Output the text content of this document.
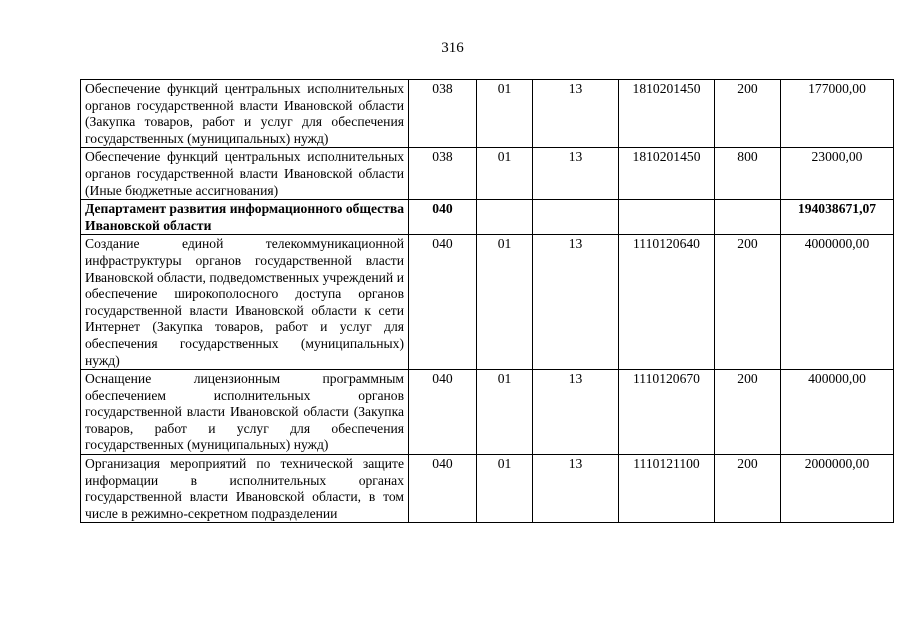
316
Обеспечение функций центральных исполнительных органов государственной власти Ивановской области (Закупка товаров, работ и услуг для обеспечения государственных (муниципальных) нужд)	038	01	13	1810201450	200	177000,00
Обеспечение функций центральных исполнительных органов государственной власти Ивановской области (Иные бюджетные ассигнования)	038	01	13	1810201450	800	23000,00
Департамент развития информационного общества Ивановской области	040					194038671,07
Создание единой телекоммуникационной инфраструктуры органов государственной власти Ивановской области, подведомственных учреждений и обеспечение широкополосного доступа органов государственной власти Ивановской области к сети Интернет (Закупка товаров, работ и услуг для обеспечения государственных (муниципальных) нужд)	040	01	13	1110120640	200	4000000,00
Оснащение лицензионным программным обеспечением исполнительных органов государственной власти Ивановской области (Закупка товаров, работ и услуг для обеспечения государственных (муниципальных) нужд)	040	01	13	1110120670	200	400000,00
Организация мероприятий по технической защите информации в исполнительных органах государственной власти Ивановской области, в том числе в режимно-секретном подразделении	040	01	13	1110121100	200	2000000,00
